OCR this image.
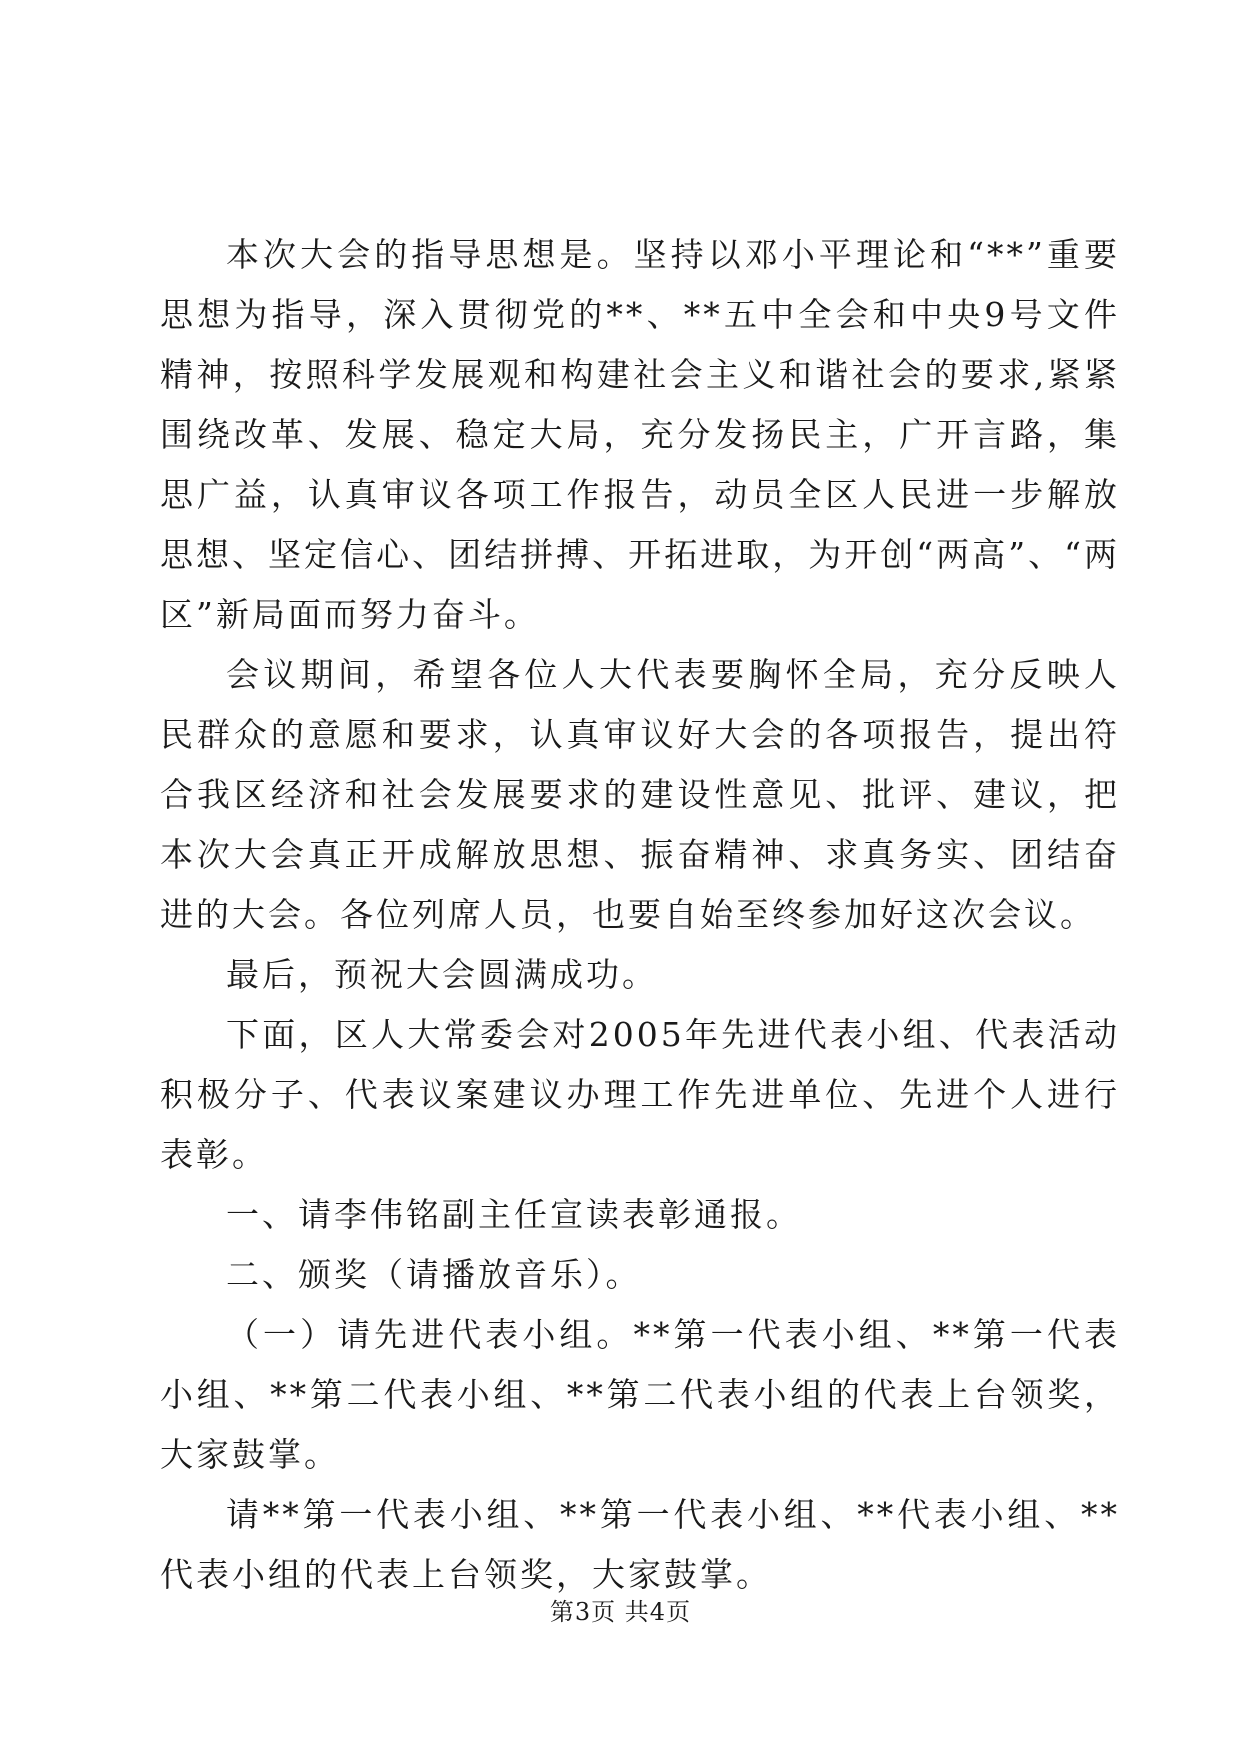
本次大会的指导思想是。坚持以邓小平理论和“**”重要思想为指导，深入贯彻党的**、**五中全会和中央9号文件精神，按照科学发展观和构建社会主义和谐社会的要求,紧紧围绕改革、发展、稳定大局，充分发扬民主，广开言路，集思广益，认真审议各项工作报告，动员全区人民进一步解放思想、坚定信心、团结拼搏、开拓进取，为开创“两高”、“两区”新局面而努力奋斗。

会议期间，希望各位人大代表要胸怀全局，充分反映人民群众的意愿和要求，认真审议好大会的各项报告，提出符合我区经济和社会发展要求的建设性意见、批评、建议，把本次大会真正开成解放思想、振奋精神、求真务实、团结奋进的大会。各位列席人员，也要自始至终参加好这次会议。

最后，预祝大会圆满成功。

下面，区人大常委会对2005年先进代表小组、代表活动积极分子、代表议案建议办理工作先进单位、先进个人进行表彰。

一、请李伟铭副主任宣读表彰通报。

二、颁奖（请播放音乐）。

（一）请先进代表小组。**第一代表小组、**第一代表小组、**第二代表小组、**第二代表小组的代表上台领奖，大家鼓掌。

请**第一代表小组、**第一代表小组、**代表小组、**代表小组的代表上台领奖，大家鼓掌。

第3页 共4页
